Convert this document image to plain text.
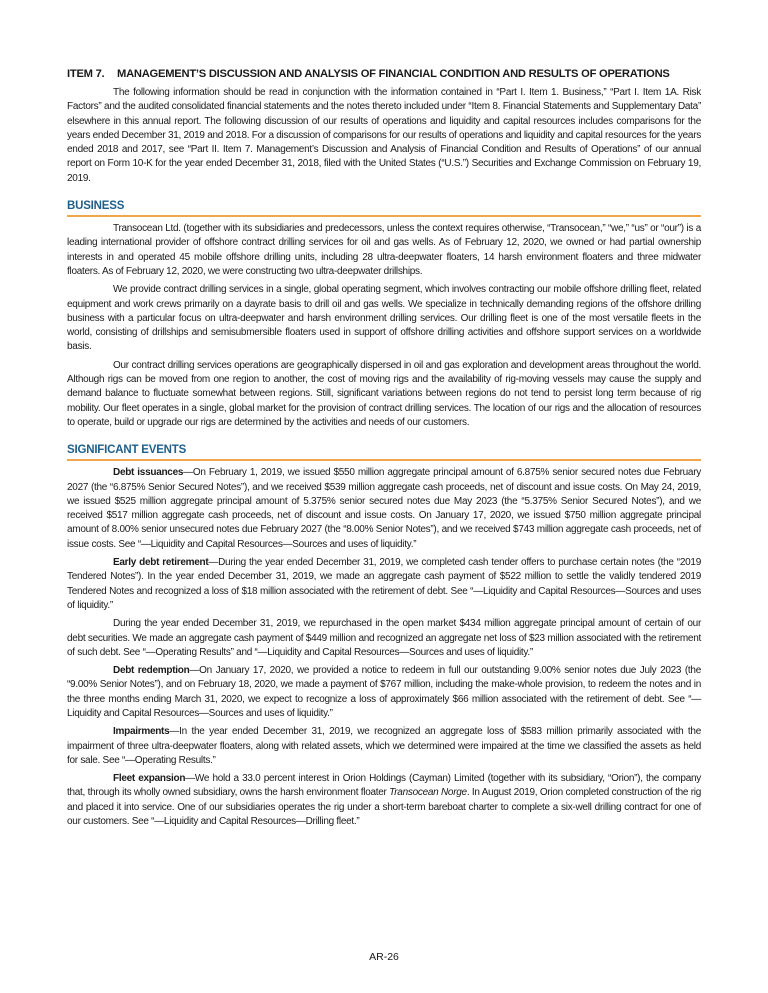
ITEM 7. MANAGEMENT’S DISCUSSION AND ANALYSIS OF FINANCIAL CONDITION AND RESULTS OF OPERATIONS

The following information should be read in conjunction with the information contained in “Part I. Item 1. Business,” “Part I. Item 1A. Risk Factors” and the audited consolidated financial statements and the notes thereto included under “Item 8. Financial Statements and Supplementary Data” elsewhere in this annual report. The following discussion of our results of operations and liquidity and capital resources includes comparisons for the years ended December 31, 2019 and 2018. For a discussion of comparisons for our results of operations and liquidity and capital resources for the years ended 2018 and 2017, see “Part II. Item 7. Management’s Discussion and Analysis of Financial Condition and Results of Operations” of our annual report on Form 10-K for the year ended December 31, 2018, filed with the United States (“U.S.”) Securities and Exchange Commission on February 19, 2019.

BUSINESS

Transocean Ltd. (together with its subsidiaries and predecessors, unless the context requires otherwise, “Transocean,” “we,” “us” or “our”) is a leading international provider of offshore contract drilling services for oil and gas wells. As of February 12, 2020, we owned or had partial ownership interests in and operated 45 mobile offshore drilling units, including 28 ultra-deepwater floaters, 14 harsh environment floaters and three midwater floaters. As of February 12, 2020, we were constructing two ultra-deepwater drillships.

We provide contract drilling services in a single, global operating segment, which involves contracting our mobile offshore drilling fleet, related equipment and work crews primarily on a dayrate basis to drill oil and gas wells. We specialize in technically demanding regions of the offshore drilling business with a particular focus on ultra-deepwater and harsh environment drilling services. Our drilling fleet is one of the most versatile fleets in the world, consisting of drillships and semisubmersible floaters used in support of offshore drilling activities and offshore support services on a worldwide basis.

Our contract drilling services operations are geographically dispersed in oil and gas exploration and development areas throughout the world. Although rigs can be moved from one region to another, the cost of moving rigs and the availability of rig-moving vessels may cause the supply and demand balance to fluctuate somewhat between regions. Still, significant variations between regions do not tend to persist long term because of rig mobility. Our fleet operates in a single, global market for the provision of contract drilling services. The location of our rigs and the allocation of resources to operate, build or upgrade our rigs are determined by the activities and needs of our customers.

SIGNIFICANT EVENTS

Debt issuances—On February 1, 2019, we issued $550 million aggregate principal amount of 6.875% senior secured notes due February 2027 (the “6.875% Senior Secured Notes”), and we received $539 million aggregate cash proceeds, net of discount and issue costs. On May 24, 2019, we issued $525 million aggregate principal amount of 5.375% senior secured notes due May 2023 (the “5.375% Senior Secured Notes”), and we received $517 million aggregate cash proceeds, net of discount and issue costs. On January 17, 2020, we issued $750 million aggregate principal amount of 8.00% senior unsecured notes due February 2027 (the “8.00% Senior Notes”), and we received $743 million aggregate cash proceeds, net of issue costs. See “—Liquidity and Capital Resources—Sources and uses of liquidity.”

Early debt retirement—During the year ended December 31, 2019, we completed cash tender offers to purchase certain notes (the “2019 Tendered Notes”). In the year ended December 31, 2019, we made an aggregate cash payment of $522 million to settle the validly tendered 2019 Tendered Notes and recognized a loss of $18 million associated with the retirement of debt. See “—Liquidity and Capital Resources—Sources and uses of liquidity.”

During the year ended December 31, 2019, we repurchased in the open market $434 million aggregate principal amount of certain of our debt securities. We made an aggregate cash payment of $449 million and recognized an aggregate net loss of $23 million associated with the retirement of such debt. See “—Operating Results” and “—Liquidity and Capital Resources—Sources and uses of liquidity.”

Debt redemption—On January 17, 2020, we provided a notice to redeem in full our outstanding 9.00% senior notes due July 2023 (the “9.00% Senior Notes”), and on February 18, 2020, we made a payment of $767 million, including the make-whole provision, to redeem the notes and in the three months ending March 31, 2020, we expect to recognize a loss of approximately $66 million associated with the retirement of debt. See “—Liquidity and Capital Resources—Sources and uses of liquidity.”

Impairments—In the year ended December 31, 2019, we recognized an aggregate loss of $583 million primarily associated with the impairment of three ultra-deepwater floaters, along with related assets, which we determined were impaired at the time we classified the assets as held for sale. See “—Operating Results.”

Fleet expansion—We hold a 33.0 percent interest in Orion Holdings (Cayman) Limited (together with its subsidiary, “Orion”), the company that, through its wholly owned subsidiary, owns the harsh environment floater Transocean Norge. In August 2019, Orion completed construction of the rig and placed it into service. One of our subsidiaries operates the rig under a short-term bareboat charter to complete a six-well drilling contract for one of our customers. See “—Liquidity and Capital Resources—Drilling fleet.”

AR-26
